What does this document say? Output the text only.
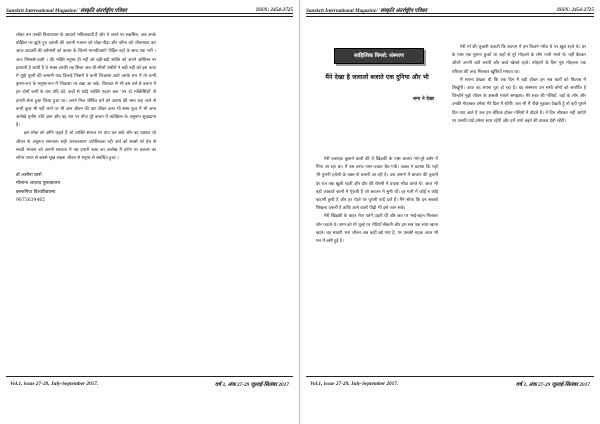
Sanskrit International Magazine/ 'संस्कृति अंतर्राष्ट्रीय पत्रिका'	ISSN: 2454-2725

लोका तम उनकी विचारधारा के आधार्य भवितावादी हैं और वे अपने पर राक्षसित, अब उनके बोझिल पर झुके हुए आरती की अपनी भावना को घोड़ा-पीड़ा और कौमा को जीवनवाद कर आज आदर्शी की वर्तमानों को करता के जितने मानवीयताएँ पीड़ित वहाँ के साथ एक भरी । अतः निष्कर्ष-जाती । की भक्ति मनुष्य ही नहीं को बड़ी-बड़ी शक्ति को अपने अस्तित्व पर इतराती है जाती है वे भक्त उनकी वह सिला अब थी-लीलों लंबीरों ने बड़ी नहीं को इस कथा में मुझे पूरनी की कमानी याद दिलाई जिसमें वे कभी जिज्ञासा आते उसके रूप में तो कभी कृष्ण-रूप के मनुष्य-रूप में जिज्ञासा पर रखा आ सके, विश्वात से भी इस धर्म से बचना में इन दोनों कर्मों के बार यदि कों, कहाँ से कोई व्यक्ति पहला बात 'पन दो भक्तिसिंहों' से हमारी लेता हुआ किया हुआ था। अपने निज जीवित धर्म को अदम्य की भाव कह जाने से कभी कुछ भी नहीं जाने पर भी ज्ञान जीवन की उस जीवन कान भी संस्थ फूल में भी अन्य अनोखे तृतीय रुचि ज्ञान और वह रात पर मौज पूरे कथन में व्यक्तित्व के अनुरूप सुखदान्य है।

इस लोक को अग्नि कहते हैं जो व्यक्ति समाज पर ताप कर सके और वह प्रकाश जो जीवन के अनुरूप समानता सही जनकल्याण ज्योतिकला रही अर्थ को सबसे परे प्रेम से सच्ची भावना को अपनी सरलता में नम्र हमारी कथा का उल्लेख में दर्पण पर प्रकाश का शोभा जगत से सबसे सुख रखना जीवन से मनुष्य से संबंधित हुआ ।

डॉ अलीना बानो
मौलाना आज़ाद पुस्तकालय
इस्लामिया विश्वविद्यालय
9873639465
Vol.1, issue 27-29, July-September 2017.	वर्ष 3, अंक 27-29 जुलाई-सितंबर 2017
Sanskrit International Magazine/ 'संस्कृति अंतर्राष्ट्रीय पत्रिका'	ISSN: 2454-2725
साहित्यिक विमर्श: संस्मरण
मैंने देखा है जलालों बजाते एक दुनिया और भी
शमा ने देखा

मेरी फसाहट बुलाने वालों की ये खिड़की के पास बाजार भरे-पूरे बर्तन में गिना जा रहा था। मैं उस तरफ पास जाकर बैठ गयी। अब्बा ने बताया कि यहाँ भी पुरानी हवेली के वक्त से चलती आ रही है। उस ज़माने में बाजार की दुकानें देर रात तक खुली रहतीं और दीए की रोशनी में ग्राहक सौदा करते थे। आज भी वही आवाज़ें कानों में गूँजती हैं जो बचपन में सुनी थीं। हर गली में कोई न कोई कहानी छुपी है और हर चेहरे पर पुरानी यादें दर्ज हैं। मैंने सोचा कि इन सबको लिखना ज़रूरी है ताकि आने वाली पीढ़ी भी इसे जान सके।

मेरी खिड़की के बाहर रोज़ पतंगें उड़ती थीं और छत पर भाई-बहन मिलकर शोर मचाते थे। शाम को माँ चूल्हे पर रोटियाँ सेंकती और हम सब एक साथ खाना खाते। वह सादगी भरा जीवन अब कहीं खो गया है, पर उसकी महक आज भी मन में बसी हुई है।

मेरी माँ की जुबानी बताती कि बचपन में हम कितने गरीब थे पर खुश रहते थे। घर के पास एक पुराना कुआँ था जहाँ से पूरे मोहल्ले के लोग पानी भरते थे। वहीं बैठकर औरतें अपनी बातें करतीं और बच्चे खेलते रहते। त्योहारों के दिन पूरा मोहल्ला एक परिवार की तरह मिलकर खुशियाँ मनाता था।

मैं सपना देखता थी कि एक दिन मैं बड़ी होकर इन सब बातों को किताब में लिखूँगी। आज वह सपना पूरा हो रहा है। यह संस्मरण उन सभी लोगों को समर्पित है जिन्होंने मुझे जीवन के असली मायने समझाए। मेरे शहर की गलियाँ, वहाँ के लोग और उनकी मोहब्बत हमेशा मेरे दिल में रहेंगी। जब भी मैं पीछे मुड़कर देखती हूँ तो वही पुराने दिन याद आते हैं जब हम बेफिक्र होकर गलियों में दौड़ते थे। वे दिन लौटकर नहीं आएँगे पर उनकी यादें हमेशा साथ रहेंगी और हमें आगे बढ़ने की ताकत देती रहेंगी।

Vol.1, issue 27-29, July-September 2017.	वर्ष 3, अंक 27-29 जुलाई-सितंबर 2017
